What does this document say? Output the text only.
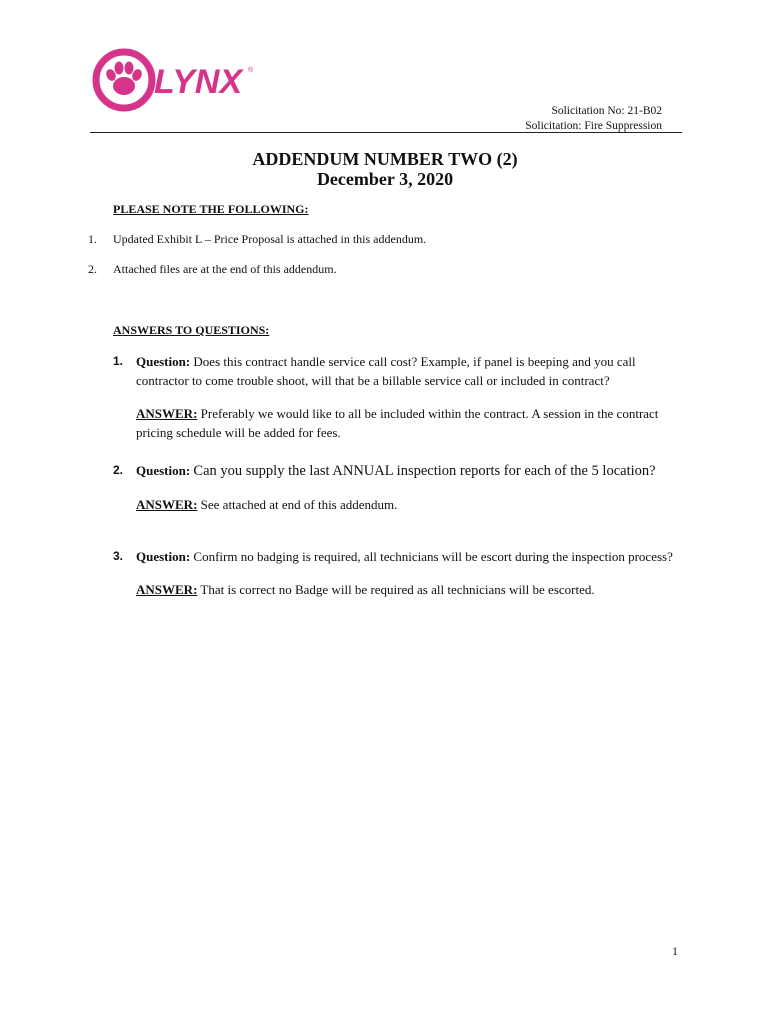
LYNX ®
Solicitation No: 21-B02
Solicitation: Fire Suppression
ADDENDUM NUMBER TWO (2)
December 3, 2020
PLEASE NOTE THE FOLLOWING:
1. Updated Exhibit L – Price Proposal is attached in this addendum.
2. Attached files are at the end of this addendum.
ANSWERS TO QUESTIONS:
1. Question: Does this contract handle service call cost? Example, if panel is beeping and you call contractor to come trouble shoot, will that be a billable service call or included in contract?
ANSWER: Preferably we would like to all be included within the contract. A session in the contract pricing schedule will be added for fees.
2. Question: Can you supply the last ANNUAL inspection reports for each of the 5 location?
ANSWER: See attached at end of this addendum.
3. Question: Confirm no badging is required, all technicians will be escort during the inspection process?
ANSWER: That is correct no Badge will be required as all technicians will be escorted.
1
